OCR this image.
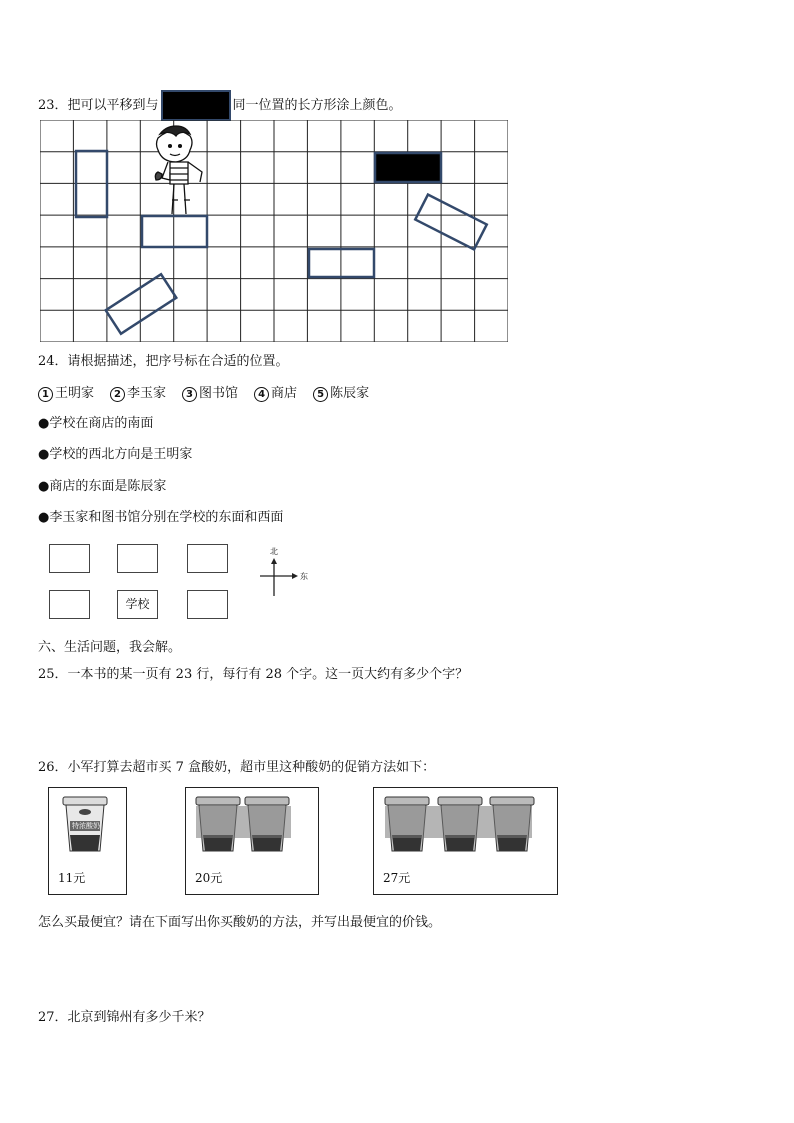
23．把可以平移到与	同一位置的长方形涂上颜色。
24．请根据描述，把序号标在合适的位置。
1 王明家	2 李玉家	3 图书馆	4 商店	5 陈辰家
●学校在商店的南面
●学校的西北方向是王明家
●商店的东面是陈辰家
●李玉家和图书馆分别在学校的东面和西面
学校
北
东
六、生活问题，我会解。
25．一本书的某一页有 23 行，每行有 28 个字。这一页大约有多少个字？
26．小军打算去超市买 7 盒酸奶，超市里这种酸奶的促销方法如下：
特浓酸奶
11元	20元	27元
怎么买最便宜？请在下面写出你买酸奶的方法，并写出最便宜的价钱。
27．北京到锦州有多少千米？
